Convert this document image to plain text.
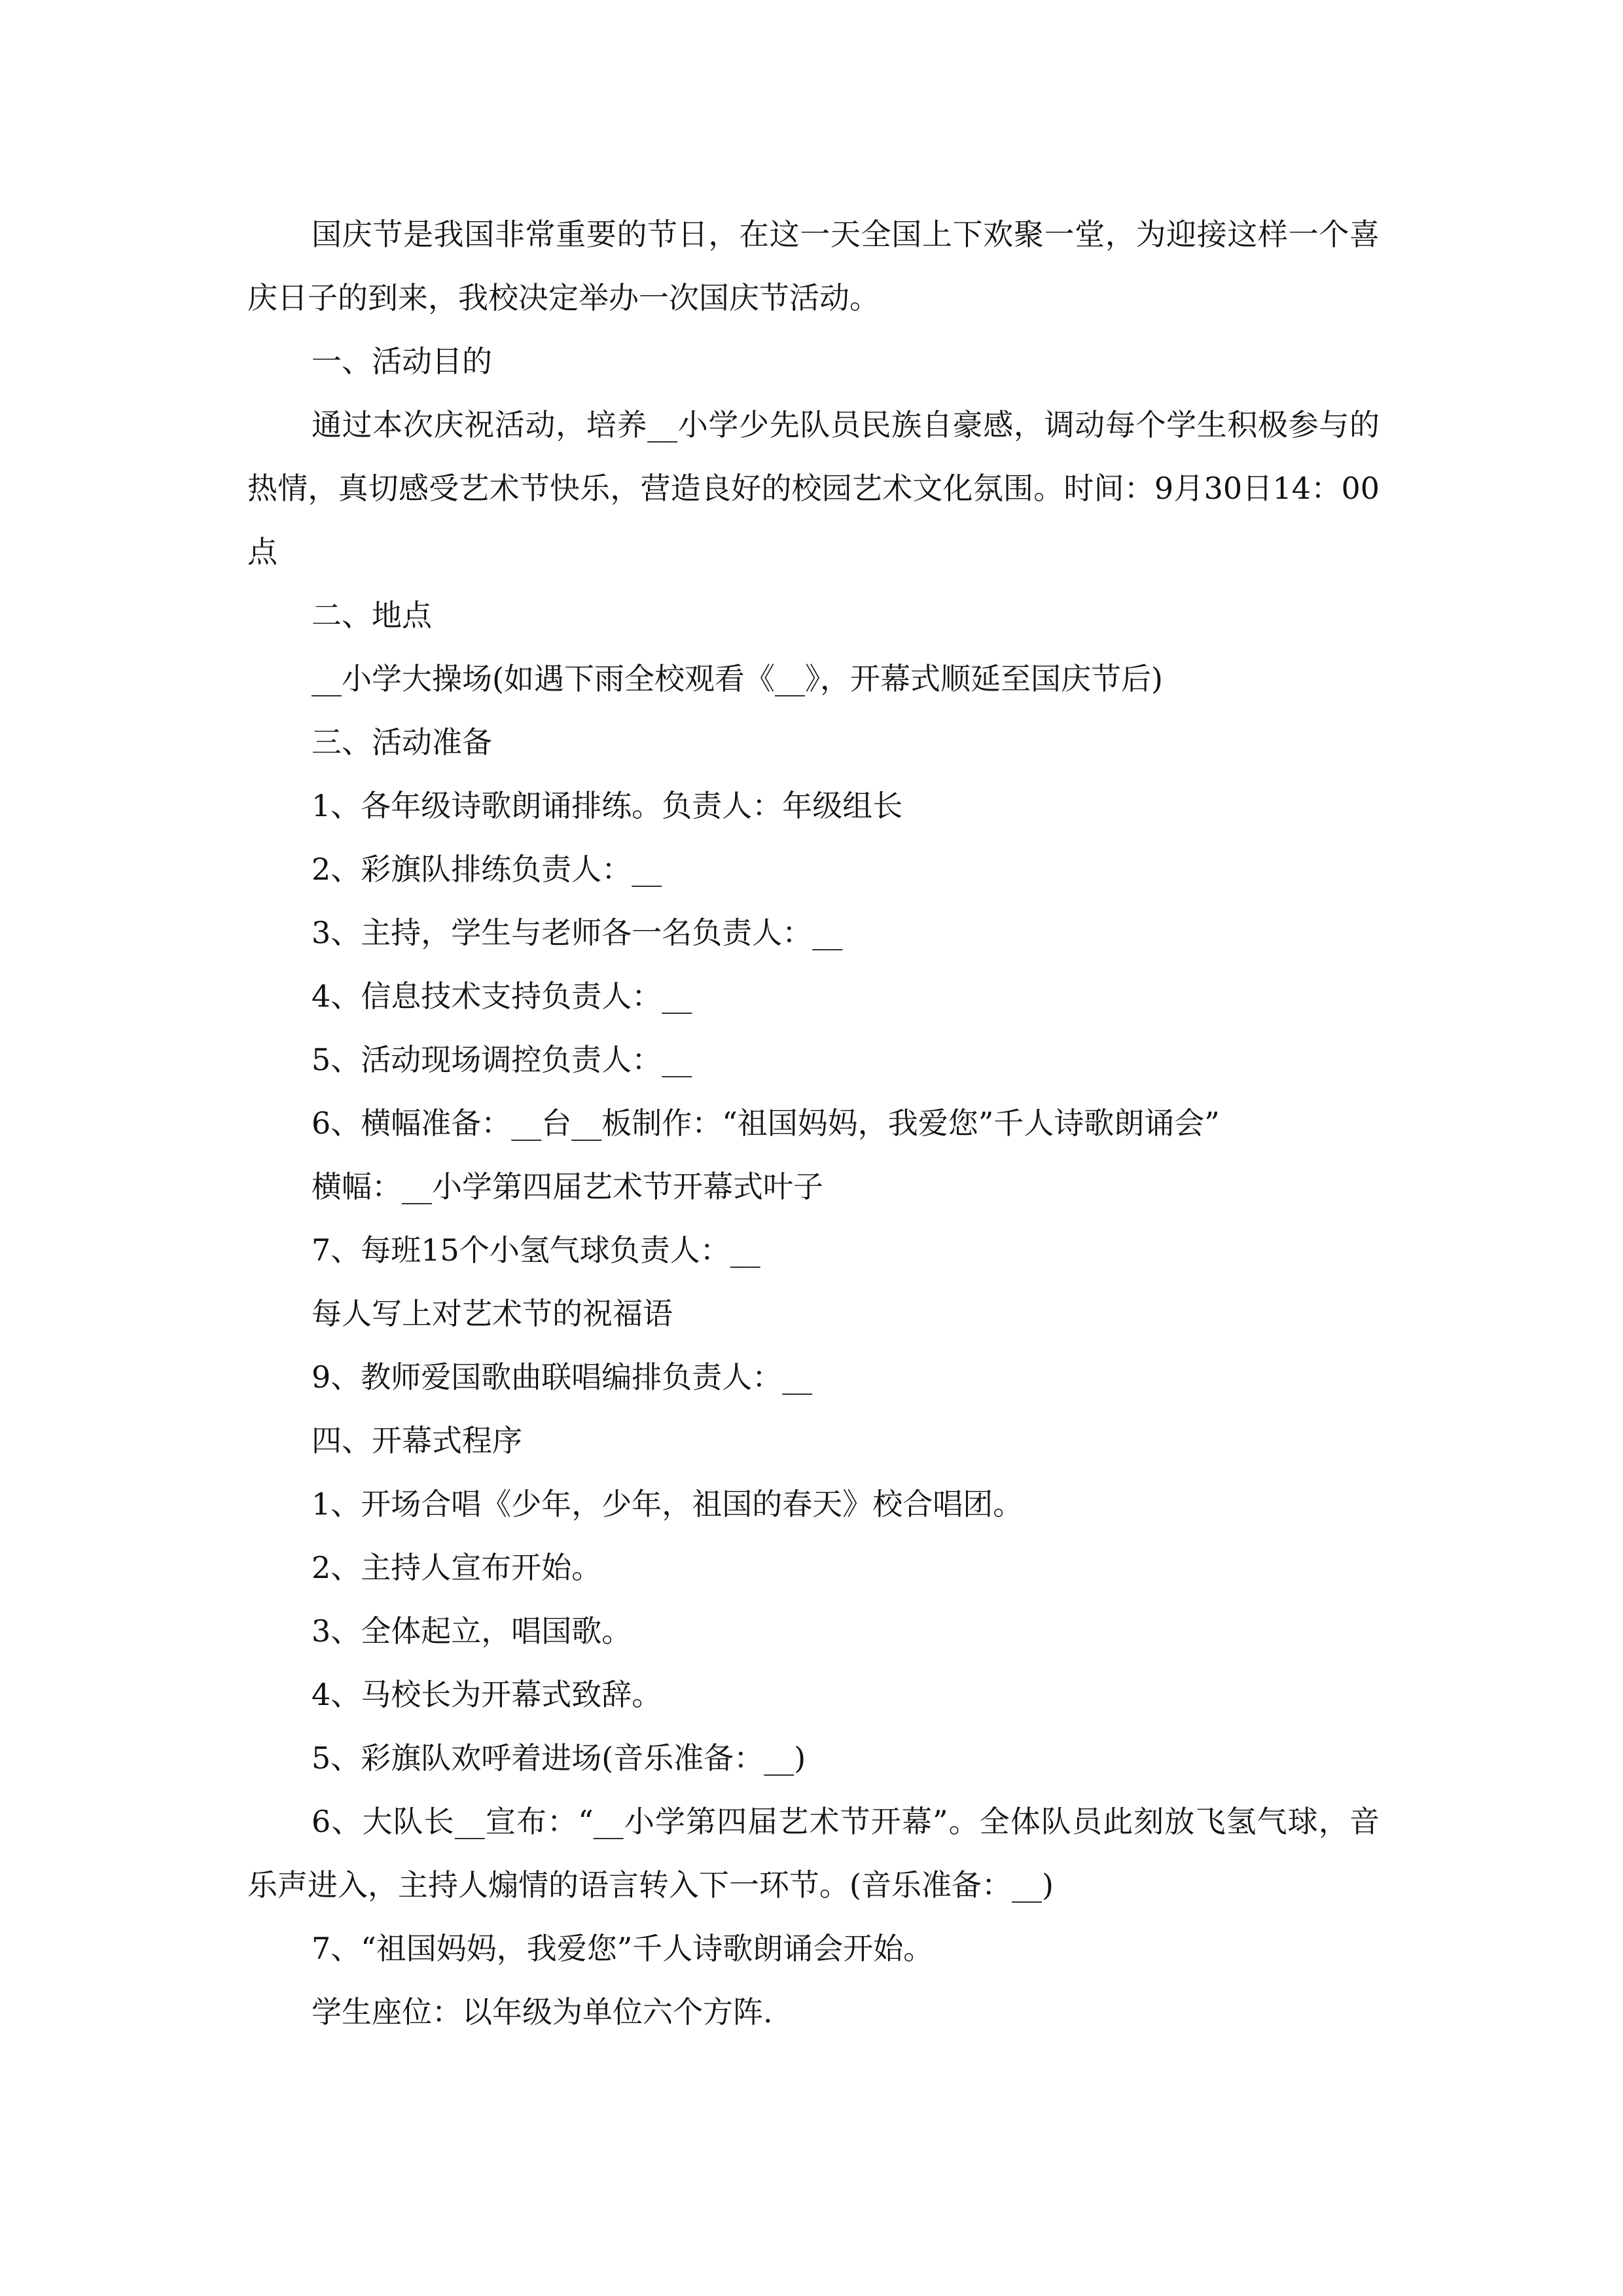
国庆节是我国非常重要的节日，在这一天全国上下欢聚一堂，为迎接这样一个喜庆日子的到来，我校决定举办一次国庆节活动。

一、活动目的

通过本次庆祝活动，培养__小学少先队员民族自豪感，调动每个学生积极参与的热情，真切感受艺术节快乐，营造良好的校园艺术文化氛围。时间：9月30日14：00点

二、地点

__小学大操场(如遇下雨全校观看《__》，开幕式顺延至国庆节后)

三、活动准备

1、各年级诗歌朗诵排练。负责人：年级组长

2、彩旗队排练负责人：__

3、主持，学生与老师各一名负责人：__

4、信息技术支持负责人：__

5、活动现场调控负责人：__

6、横幅准备：__台__板制作：“祖国妈妈，我爱您”千人诗歌朗诵会”

横幅：__小学第四届艺术节开幕式叶子

7、每班15个小氢气球负责人：__

每人写上对艺术节的祝福语

9、教师爱国歌曲联唱编排负责人：__

四、开幕式程序

1、开场合唱《少年，少年，祖国的春天》校合唱团。

2、主持人宣布开始。

3、全体起立，唱国歌。

4、马校长为开幕式致辞。

5、彩旗队欢呼着进场(音乐准备：__)

6、大队长__宣布：“__小学第四届艺术节开幕”。全体队员此刻放飞氢气球，音乐声进入，主持人煽情的语言转入下一环节。(音乐准备：__)

7、“祖国妈妈，我爱您”千人诗歌朗诵会开始。

学生座位：以年级为单位六个方阵.
